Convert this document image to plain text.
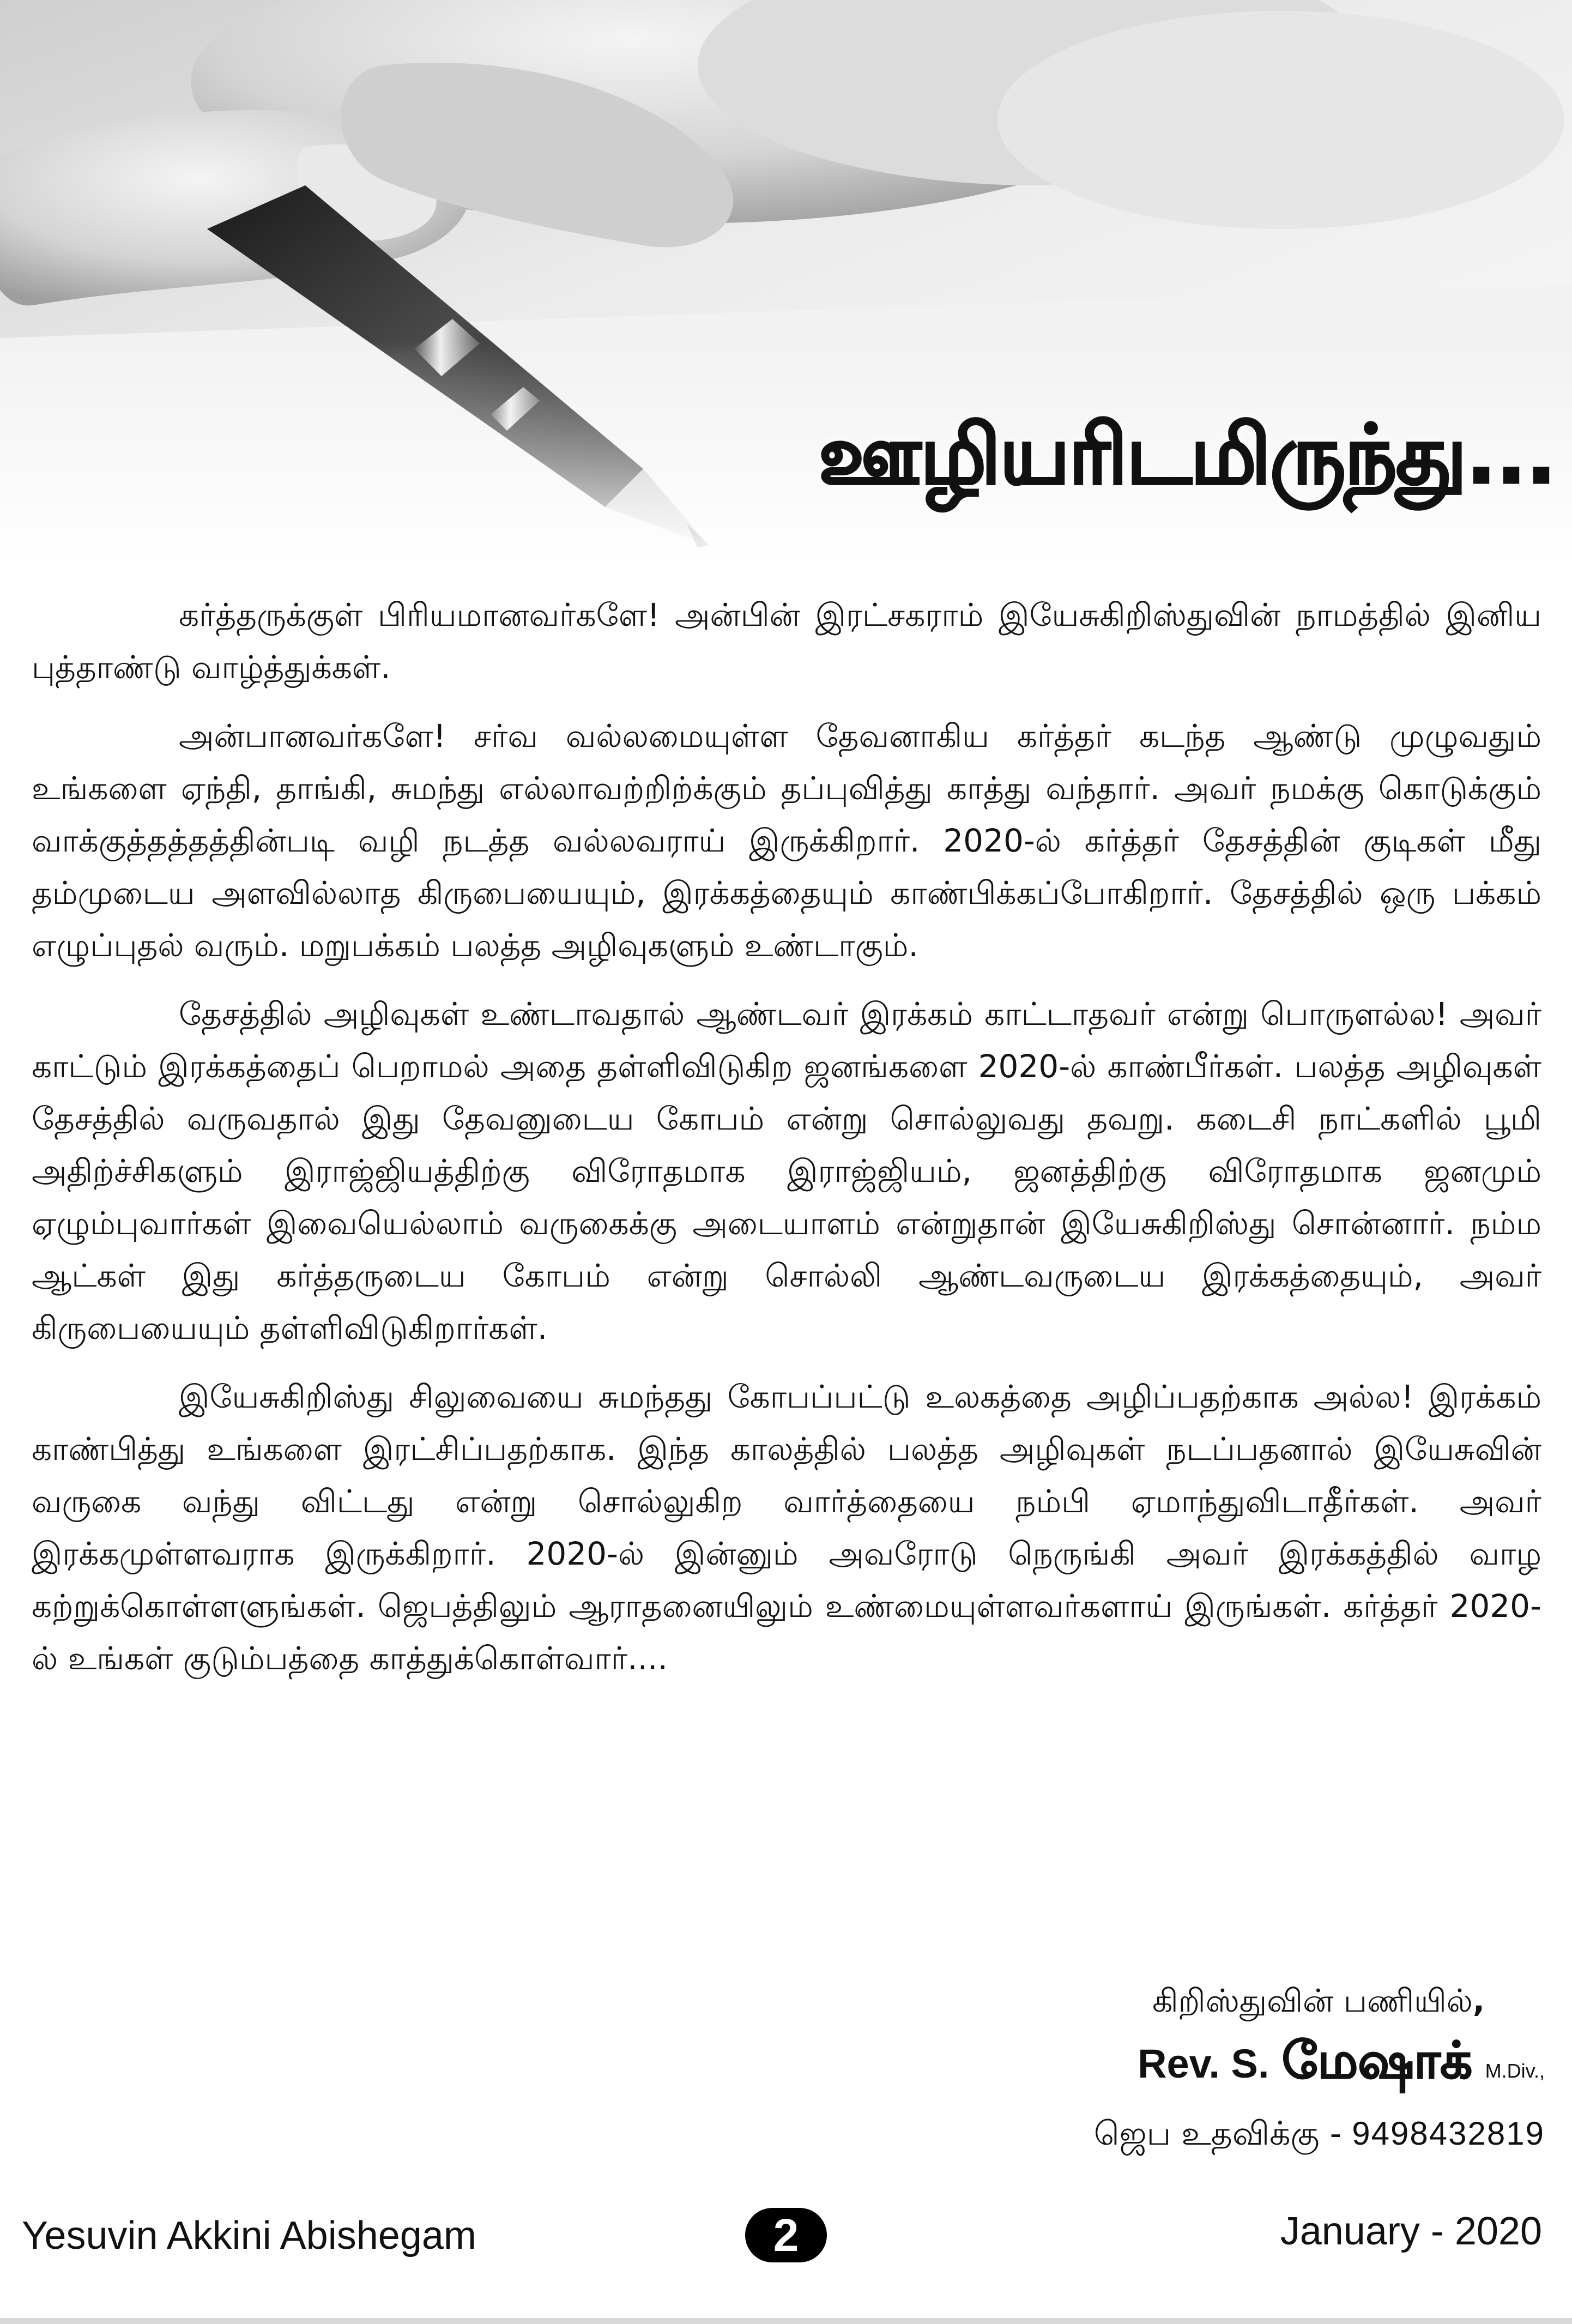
ஊழியரிடமிருந்து...

கர்த்தருக்குள் பிரியமானவர்களே! அன்பின் இரட்சகராம் இயேசுகிறிஸ்துவின் நாமத்தில் இனிய புத்தாண்டு வாழ்த்துக்கள்.

அன்பானவர்களே! சர்வ வல்லமையுள்ள தேவனாகிய கர்த்தர் கடந்த ஆண்டு முழுவதும் உங்களை ஏந்தி, தாங்கி, சுமந்து எல்லாவற்றிற்க்கும் தப்புவித்து காத்து வந்தார். அவர் நமக்கு கொடுக்கும் வாக்குத்தத்தத்தின்படி வழி நடத்த வல்லவராய் இருக்கிறார். 2020-ல் கர்த்தர் தேசத்தின் குடிகள் மீது தம்முடைய அளவில்லாத கிருபையையும், இரக்கத்தையும் காண்பிக்கப்போகிறார். தேசத்தில் ஒரு பக்கம் எழுப்புதல் வரும். மறுபக்கம் பலத்த அழிவுகளும் உண்டாகும்.

தேசத்தில் அழிவுகள் உண்டாவதால் ஆண்டவர் இரக்கம் காட்டாதவர் என்று பொருளல்ல! அவர் காட்டும் இரக்கத்தைப் பெறாமல் அதை தள்ளிவிடுகிற ஜனங்களை 2020-ல் காண்பீர்கள். பலத்த அழிவுகள் தேசத்தில் வருவதால் இது தேவனுடைய கோபம் என்று சொல்லுவது தவறு. கடைசி நாட்களில் பூமி அதிற்ச்சிகளும் இராஜ்ஜியத்திற்கு விரோதமாக இராஜ்ஜியம், ஜனத்திற்கு விரோதமாக ஜனமும் ஏழும்புவார்கள் இவையெல்லாம் வருகைக்கு அடையாளம் என்றுதான் இயேசுகிறிஸ்து சொன்னார். நம்ம ஆட்கள் இது கர்த்தருடைய கோபம் என்று சொல்லி ஆண்டவருடைய இரக்கத்தையும், அவர் கிருபையையும் தள்ளிவிடுகிறார்கள்.

இயேசுகிறிஸ்து சிலுவையை சுமந்தது கோபப்பட்டு உலகத்தை அழிப்பதற்காக அல்ல! இரக்கம் காண்பித்து உங்களை இரட்சிப்பதற்காக. இந்த காலத்தில் பலத்த அழிவுகள் நடப்பதனால் இயேசுவின் வருகை வந்து விட்டது என்று சொல்லுகிற வார்த்தையை நம்பி ஏமாந்துவிடாதீர்கள். அவர் இரக்கமுள்ளவராக இருக்கிறார். 2020-ல் இன்னும் அவரோடு நெருங்கி அவர் இரக்கத்தில் வாழ கற்றுக்கொள்ளளுங்கள். ஜெபத்திலும் ஆராதனையிலும் உண்மையுள்ளவர்களாய் இருங்கள். கர்த்தர் 2020-ல் உங்கள் குடும்பத்தை காத்துக்கொள்வார்....

கிறிஸ்துவின் பணியில்,
Rev. S. மேஷாக் M.Div.,
ஜெப உதவிக்கு - 9498432819
Yesuvin Akkini Abishegam	January - 2020
2
